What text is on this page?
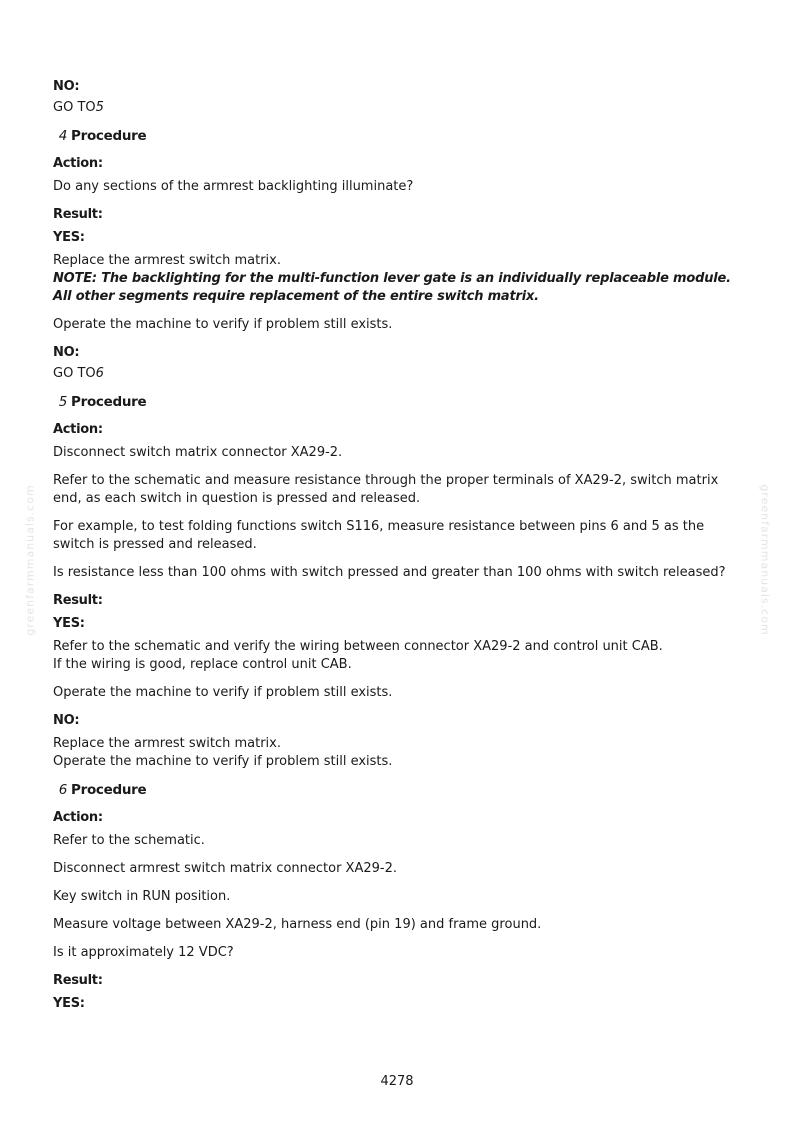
greenfarmmanuals.com	greenfarmmanuals.com
NO:
GO TO5
4 Procedure
Action:
Do any sections of the armrest backlighting illuminate?
Result:
YES:
Replace the armrest switch matrix.
NOTE: The backlighting for the multi-function lever gate is an individually replaceable module. All other segments require replacement of the entire switch matrix.
Operate the machine to verify if problem still exists.
NO:
GO TO6
5 Procedure
Action:
Disconnect switch matrix connector XA29-2.
Refer to the schematic and measure resistance through the proper terminals of XA29-2, switch matrix end, as each switch in question is pressed and released.
For example, to test folding functions switch S116, measure resistance between pins 6 and 5 as the switch is pressed and released.
Is resistance less than 100 ohms with switch pressed and greater than 100 ohms with switch released?
Result:
YES:
Refer to the schematic and verify the wiring between connector XA29-2 and control unit CAB.
If the wiring is good, replace control unit CAB.
Operate the machine to verify if problem still exists.
NO:
Replace the armrest switch matrix.
Operate the machine to verify if problem still exists.
6 Procedure
Action:
Refer to the schematic.
Disconnect armrest switch matrix connector XA29-2.
Key switch in RUN position.
Measure voltage between XA29-2, harness end (pin 19) and frame ground.
Is it approximately 12 VDC?
Result:
YES:
4278
